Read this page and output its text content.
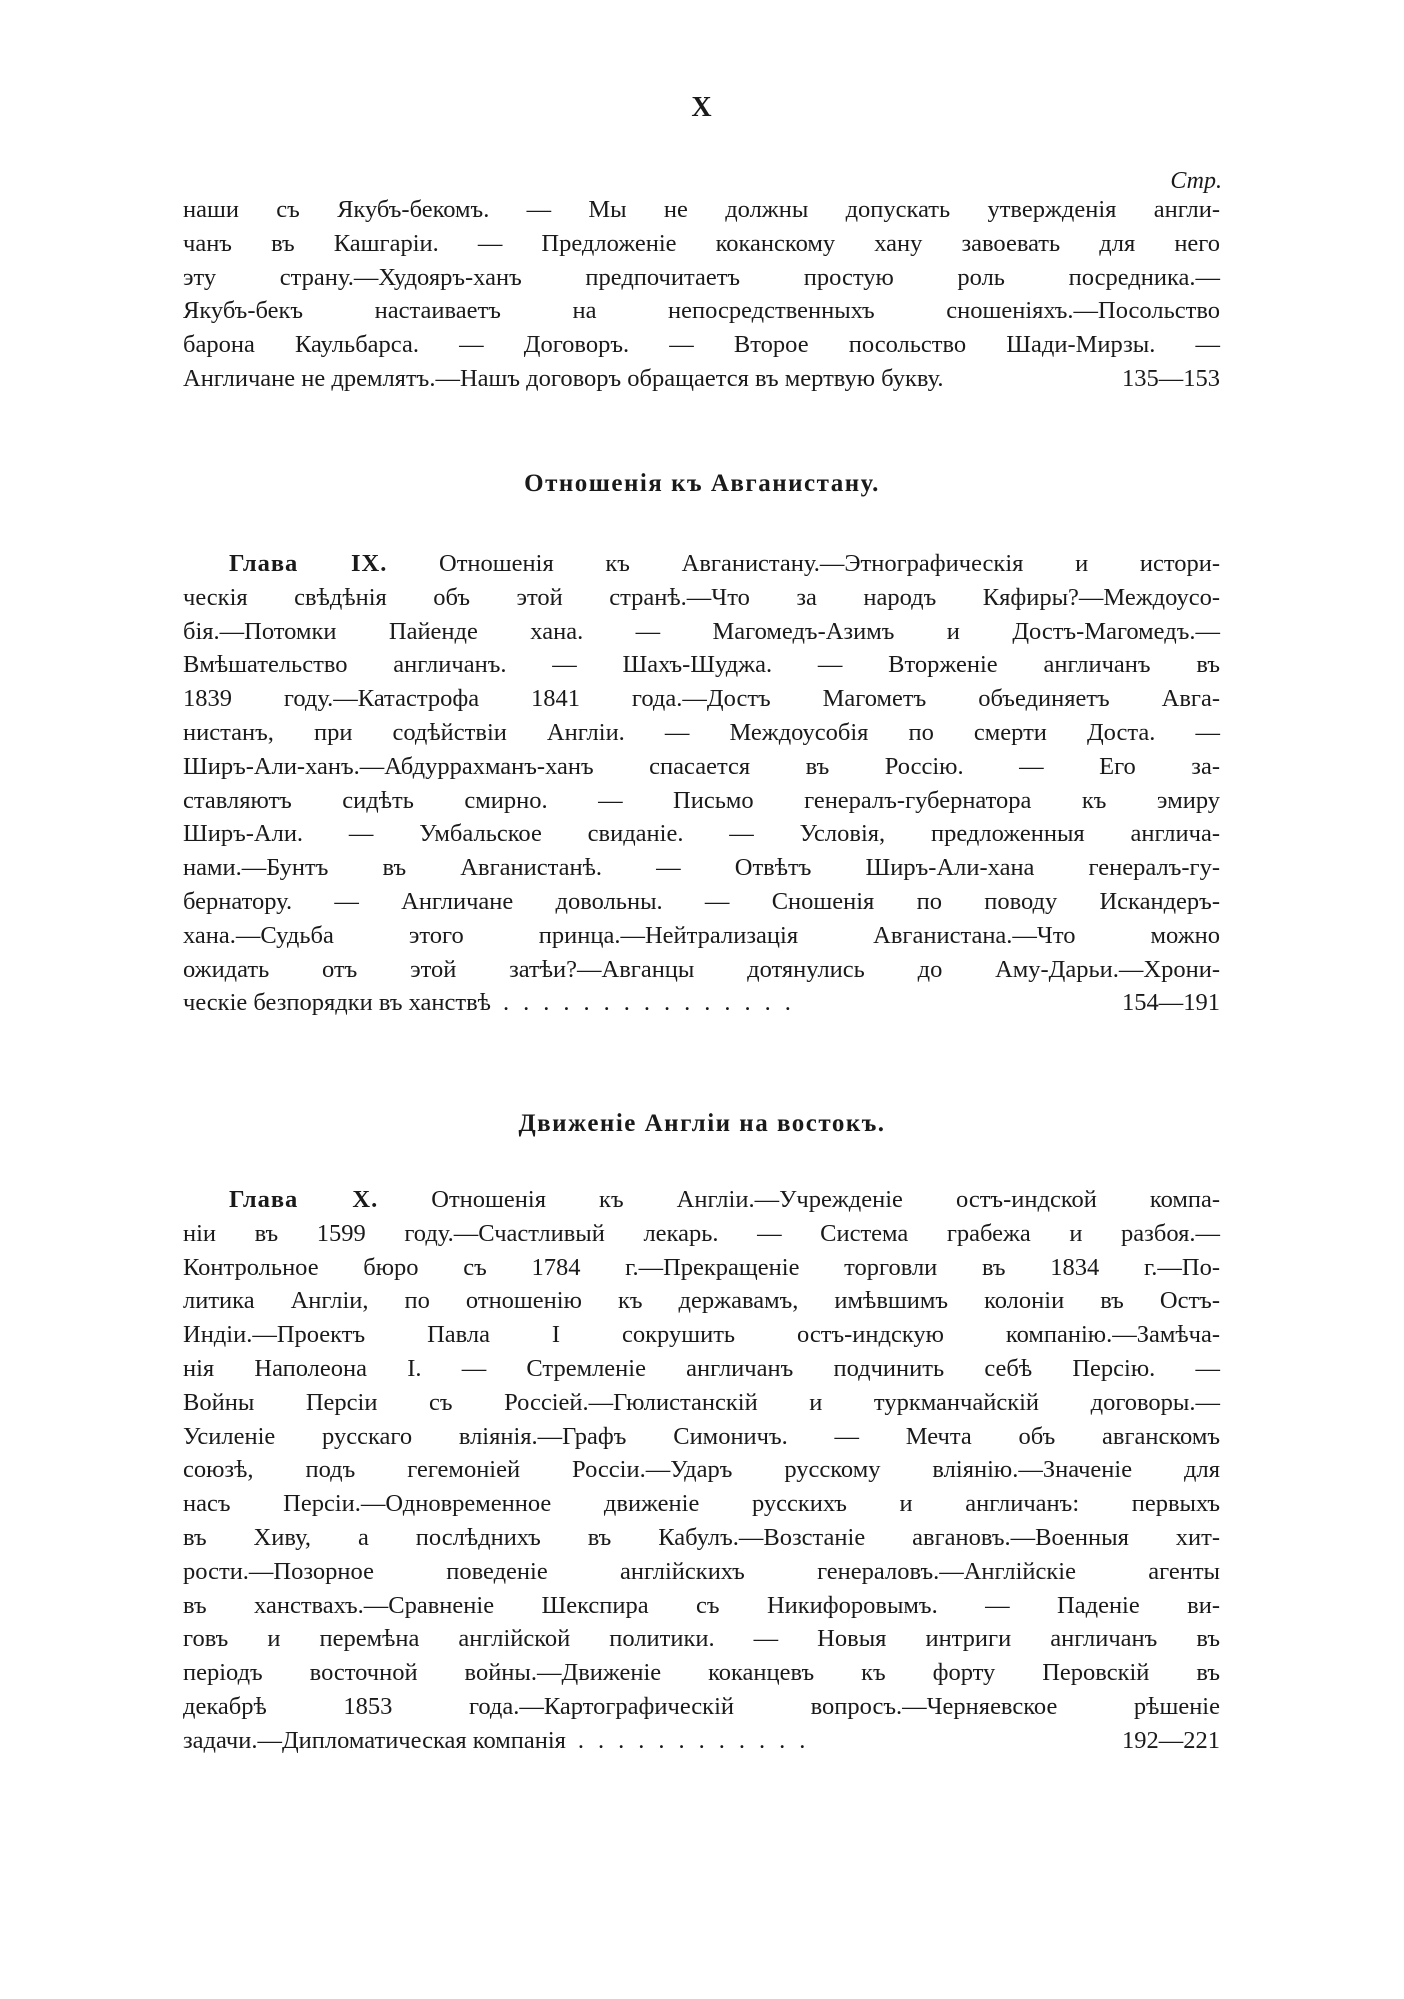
X
Стр.
наши съ Якубъ-бекомъ. — Мы не должны допускать утвержденія англи-
чанъ въ Кашгаріи. — Предложеніе коканскому хану завоевать для него
эту страну.—Худояръ-ханъ предпочитаетъ простую роль посредника.—
Якубъ-бекъ настаиваетъ на непосредственныхъ сношеніяхъ.—Посольство
барона Каульбарса. — Договоръ. — Второе посольство Шади-Мирзы. —
Англичане не дремлятъ.—Нашъ договоръ обращается въ мертвую букву.	135—153
Отношенія къ Авганистану.
Глава IX. Отношенія къ Авганистану.—Этнографическія и истори-
ческія свѣдѣнія объ этой странѣ.—Что за народъ Кяфиры?—Междоусо-
бія.—Потомки Пайенде хана. — Магомедъ-Азимъ и Достъ-Магомедъ.—
Вмѣшательство англичанъ. — Шахъ-Шуджа. — Вторженіе англичанъ въ
1839 году.—Катастрофа 1841 года.—Достъ Магометъ объединяетъ Авга-
нистанъ, при содѣйствіи Англіи. — Междоусобія по смерти Доста. —
Ширъ-Али-ханъ.—Абдуррахманъ-ханъ спасается въ Россію. — Его за-
ставляютъ сидѣть смирно. — Письмо генералъ-губернатора къ эмиру
Ширъ-Али. — Умбальское свиданіе. — Условія, предложенныя англича-
нами.—Бунтъ въ Авганистанѣ. — Отвѣтъ Ширъ-Али-хана генералъ-гу-
бернатору. — Англичане довольны. — Сношенія по поводу Искандеръ-
хана.—Судьба этого принца.—Нейтрализація Авганистана.—Что можно
ожидать отъ этой затѣи?—Авганцы дотянулись до Аму-Дарьи.—Хрони-
ческіе безпорядки въ ханствѣ ...............	154—191
Движеніе Англіи на востокъ.
Глава X. Отношенія къ Англіи.—Учрежденіе остъ-индской компа-
ніи въ 1599 году.—Счастливый лекарь. — Система грабежа и разбоя.—
Контрольное бюро съ 1784 г.—Прекращеніе торговли въ 1834 г.—По-
литика Англіи, по отношенію къ державамъ, имѣвшимъ колоніи въ Остъ-
Индіи.—Проектъ Павла I сокрушить остъ-индскую компанію.—Замѣча-
нія Наполеона I. — Стремленіе англичанъ подчинить себѣ Персію. —
Войны Персіи съ Россіей.—Гюлистанскій и туркманчайскій договоры.—
Усиленіе русскаго вліянія.—Графъ Симоничъ. — Мечта объ авганскомъ
союзѣ, подъ гегемоніей Россіи.—Ударъ русскому вліянію.—Значеніе для
насъ Персіи.—Одновременное движеніе русскихъ и англичанъ: первыхъ
въ Хиву, а послѣднихъ въ Кабулъ.—Возстаніе авгановъ.—Военныя хит-
рости.—Позорное поведеніе англійскихъ генераловъ.—Англійскіе агенты
въ ханствахъ.—Сравненіе Шекспира съ Никифоровымъ. — Паденіе ви-
говъ и перемѣна англійской политики. — Новыя интриги англичанъ въ
періодъ восточной войны.—Движеніе коканцевъ къ форту Перовскій въ
декабрѣ 1853 года.—Картографическій вопросъ.—Черняевское рѣшеніе
задачи.—Дипломатическая компанія ............	192—221
